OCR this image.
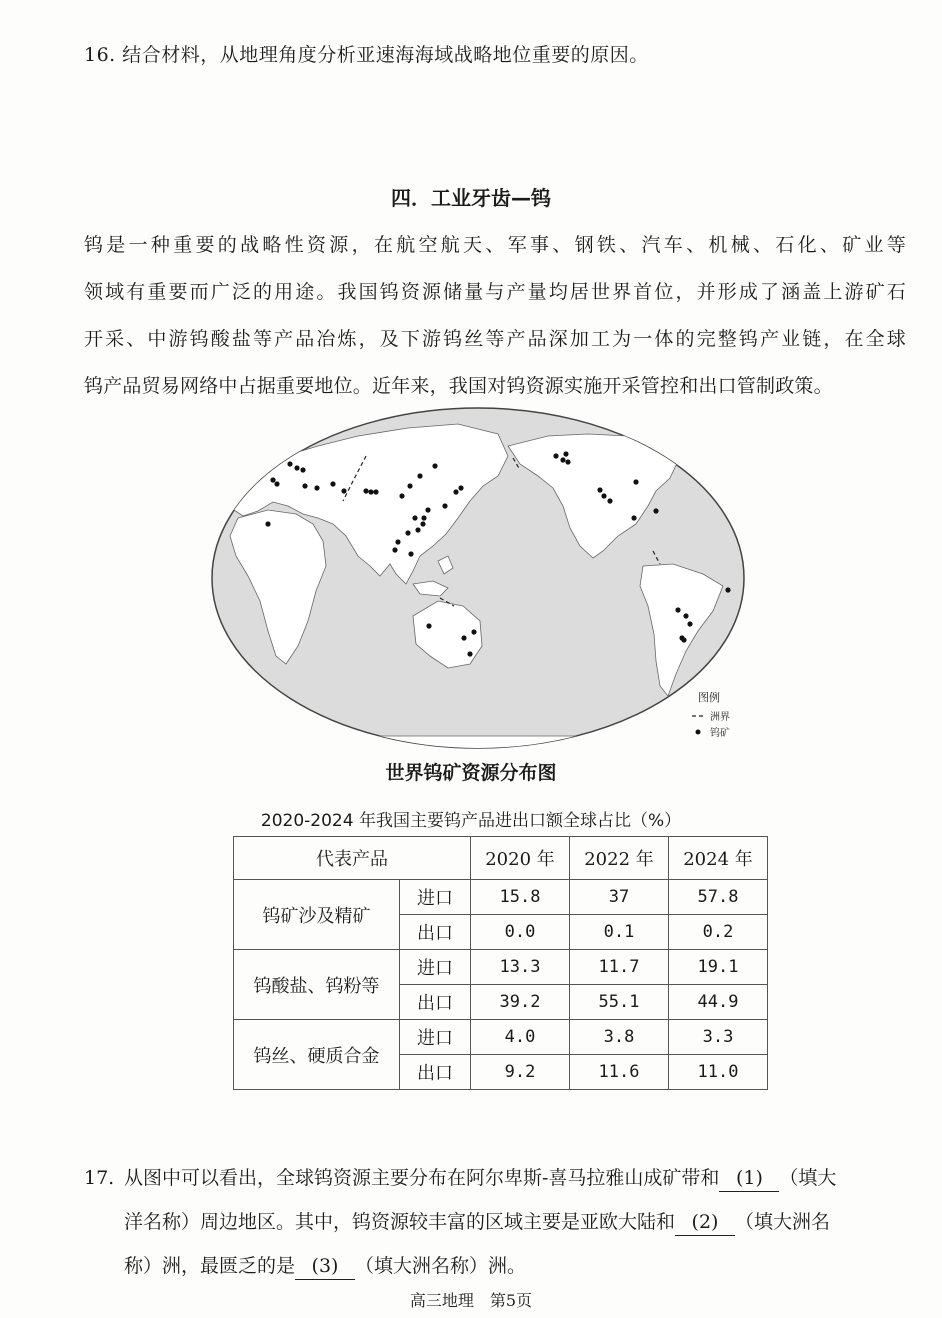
16. 结合材料，从地理角度分析亚速海海域战略地位重要的原因。
四．工业牙齿—钨

钨是一种重要的战略性资源，在航空航天、军事、钢铁、汽车、机械、石化、矿业等

领域有重要而广泛的用途。我国钨资源储量与产量均居世界首位，并形成了涵盖上游矿石

开采、中游钨酸盐等产品冶炼，及下游钨丝等产品深加工为一体的完整钨产业链，在全球

钨产品贸易网络中占据重要地位。近年来，我国对钨资源实施开采管控和出口管制政策。

图例
洲界
钨矿
世界钨矿资源分布图
2020-2024 年我国主要钨产品进出口额全球占比（%）
代表产品		2020 年	2022 年	2024 年
钨矿沙及精矿	进口	15.8	37	57.8
	出口	0.0	0.1	0.2
钨酸盐、钨粉等	进口	13.3	11.7	19.1
	出口	39.2	55.1	44.9
钨丝、硬质合金	进口	4.0	3.8	3.3
	出口	9.2	11.6	11.0

17. 从图中可以看出，全球钨资源主要分布在阿尔卑斯-喜马拉雅山成矿带和 (1) （填大

洋名称）周边地区。其中，钨资源较丰富的区域主要是亚欧大陆和 (2) （填大洲名

称）洲，最匮乏的是 (3) （填大洲名称）洲。

高三地理　第5页
